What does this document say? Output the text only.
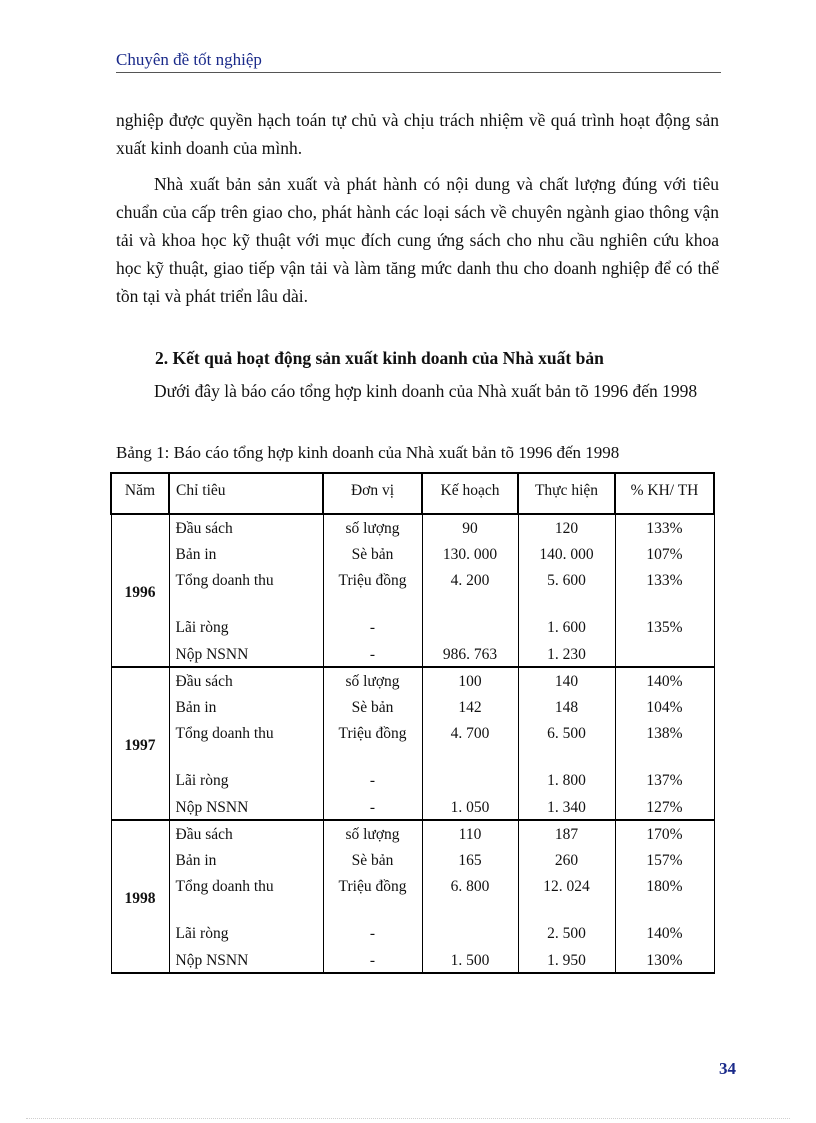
Chuyên đề tốt nghiệp
nghiệp được quyền hạch toán tự chủ và chịu trách nhiệm về quá trình hoạt động sản xuất kinh doanh của mình.
Nhà xuất bản sản xuất và phát hành có nội dung và chất lượng đúng với tiêu chuẩn của cấp trên giao cho, phát hành các loại sách về chuyên ngành giao thông vận tải và khoa học kỹ thuật với mục đích cung ứng sách cho nhu cầu nghiên cứu khoa học kỹ thuật, giao tiếp vận tải và làm tăng mức danh thu cho doanh nghiệp để có thể tồn tại và phát triển lâu dài.
2. Kết quả hoạt động sản xuất kinh doanh của Nhà xuất bản
Dưới đây là báo cáo tổng hợp kinh doanh của Nhà xuất bản tõ 1996 đến 1998
Bảng 1: Báo cáo tổng hợp kinh doanh của Nhà xuất bản tõ 1996 đến 1998
Năm	Chỉ tiêu	Đơn vị	Kế hoạch	Thực hiện	% KH/ TH
1996	Đầu sách	số lượng	90	120	133%
	Bản in	Sè bản	130. 000	140. 000	107%
	Tổng doanh thu	Triệu đồng	4. 200	5. 600	133%
	Lãi ròng	-		1. 600	135%
	Nộp NSNN	-	986. 763	1. 230	
1997	Đầu sách	số lượng	100	140	140%
	Bản in	Sè bản	142	148	104%
	Tổng doanh thu	Triệu đồng	4. 700	6. 500	138%
	Lãi ròng	-		1. 800	137%
	Nộp NSNN	-	1. 050	1. 340	127%
1998	Đầu sách	số lượng	110	187	170%
	Bản in	Sè bản	165	260	157%
	Tổng doanh thu	Triệu đồng	6. 800	12. 024	180%
	Lãi ròng	-		2. 500	140%
	Nộp NSNN	-	1. 500	1. 950	130%
34
